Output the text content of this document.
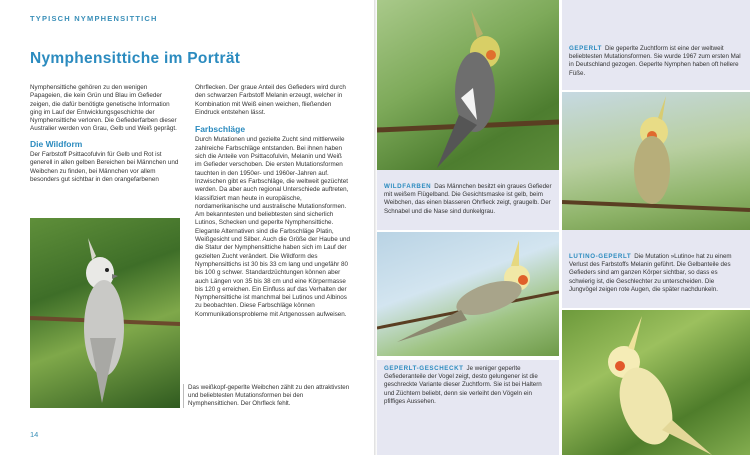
TYPISCH NYMPHENSITTICH
Nymphensittiche im Porträt
Nymphensittiche gehören zu den wenigen Papageien, die kein Grün und Blau im Gefieder zeigen, die dafür benötigte genetische Information ging im Lauf der Entwicklungsgeschichte der Nymphensittiche verloren. Die Gefiederfarben dieser Australier werden von Grau, Gelb und Weiß geprägt.
Die Wildform
Der Farbstoff Psittacofulvin für Gelb und Rot ist generell in allen gelben Bereichen bei Männchen und Weibchen zu finden, bei Männchen vor allem besonders gut sichtbar in den orangefarbenen
Ohrflecken. Der graue Anteil des Gefieders wird durch den schwarzen Farbstoff Melanin erzeugt, welcher in Kombination mit Weiß einen weichen, fließenden Eindruck entstehen lässt.
Farbschläge
Durch Mutationen und gezielte Zucht sind mittlerweile zahlreiche Farbschläge entstanden. Bei ihnen haben sich die Anteile von Psittacofulvin, Melanin und Weiß im Gefieder verschoben. Die ersten Mutationsformen tauchten in den 1950er- und 1960er-Jahren auf. Inzwischen gibt es Farbschläge, die weltweit gezüchtet werden. Da aber auch regional Unterschiede auftreten, klassifiziert man heute in europäische, nordamerikanische und australische Mutationsformen. Am bekanntesten und beliebtesten sind sicherlich Lutinos, Schecken und geperlte Nymphensittiche. Elegante Alternativen sind die Farbschläge Platin, Weißgesicht und Silber. Auch die Größe der Haube und die Statur der Nymphensittiche haben sich im Lauf der gezielten Zucht verändert. Die Wildform des Nymphensittichs ist 30 bis 33 cm lang und ungefähr 80 bis 100 g schwer. Standardzüchtungen können aber auch Längen von 35 bis 38 cm und eine Körpermasse bis 120 g erreichen. Ein Einfluss auf das Verhalten der Nymphensittiche ist manchmal bei Lutinos und Albinos zu beobachten. Diese Farbschläge können Kommunikationsprobleme mit Artgenossen aufweisen.
Das weißkopf-geperlte Weibchen zählt zu den attraktivsten und beliebtesten Mutationsformen bei den Nymphensittichen. Der Ohrfleck fehlt.
14
GEPERLT Die geperlte Zuchtform ist eine der weltweit beliebtesten Mutationsformen. Sie wurde 1967 zum ersten Mal in Deutschland gezogen. Geperlte Nymphen haben oft hellere Füße.
WILDFARBEN Das Männchen besitzt ein graues Gefieder mit weißem Flügelband. Die Gesichtsmaske ist gelb, beim Weibchen, das einen blasseren Ohrfleck zeigt, graugelb. Der Schnabel und die Nase sind dunkelgrau.
LUTINO-GEPERLT Die Mutation »Lutino« hat zu einem Verlust des Farbstoffs Melanin geführt. Die Gelbanteile des Gefieders sind am ganzen Körper sichtbar, so dass es schwierig ist, die Geschlechter zu unterscheiden. Die Jungvögel zeigen rote Augen, die später nachdunkeln.
GEPERLT-GESCHECKT Je weniger geperlte Gefiederanteile der Vogel zeigt, desto gelungener ist die geschreckte Variante dieser Zuchtform. Sie ist bei Haltern und Züchtern beliebt, denn sie verleiht den Vögeln ein pfiffiges Aussehen.
